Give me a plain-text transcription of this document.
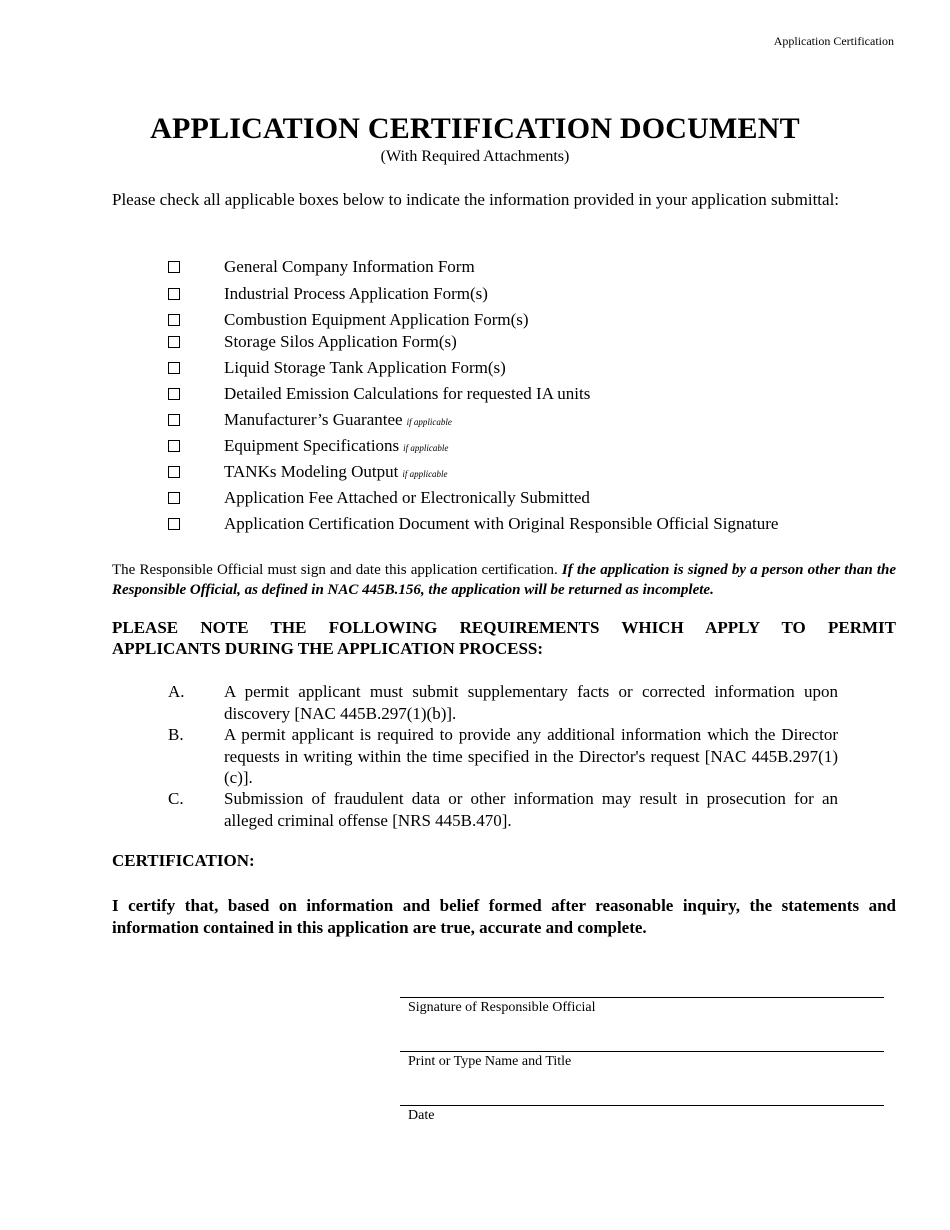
Application Certification
APPLICATION CERTIFICATION DOCUMENT
(With Required Attachments)
Please check all applicable boxes below to indicate the information provided in your application submittal:
General Company Information Form
Industrial Process Application Form(s)
Combustion Equipment Application Form(s)
Storage Silos Application Form(s)
Liquid Storage Tank Application Form(s)
Detailed Emission Calculations for requested IA units
Manufacturer’s Guarantee if applicable
Equipment Specifications if applicable
TANKs Modeling Output if applicable
Application Fee Attached or Electronically Submitted
Application Certification Document with Original Responsible Official Signature
The Responsible Official must sign and date this application certification. If the application is signed by a person other than the Responsible Official, as defined in NAC 445B.156, the application will be returned as incomplete.
PLEASE NOTE THE FOLLOWING REQUIREMENTS WHICH APPLY TO PERMIT
APPLICANTS DURING THE APPLICATION PROCESS:
A. A permit applicant must submit supplementary facts or corrected information upon discovery [NAC 445B.297(1)(b)].
B. A permit applicant is required to provide any additional information which the Director requests in writing within the time specified in the Director's request [NAC 445B.297(1)(c)].
C. Submission of fraudulent data or other information may result in prosecution for an alleged criminal offense [NRS 445B.470].
CERTIFICATION:
I certify that, based on information and belief formed after reasonable inquiry, the statements and information contained in this application are true, accurate and complete.
Signature of Responsible Official
Print or Type Name and Title
Date
